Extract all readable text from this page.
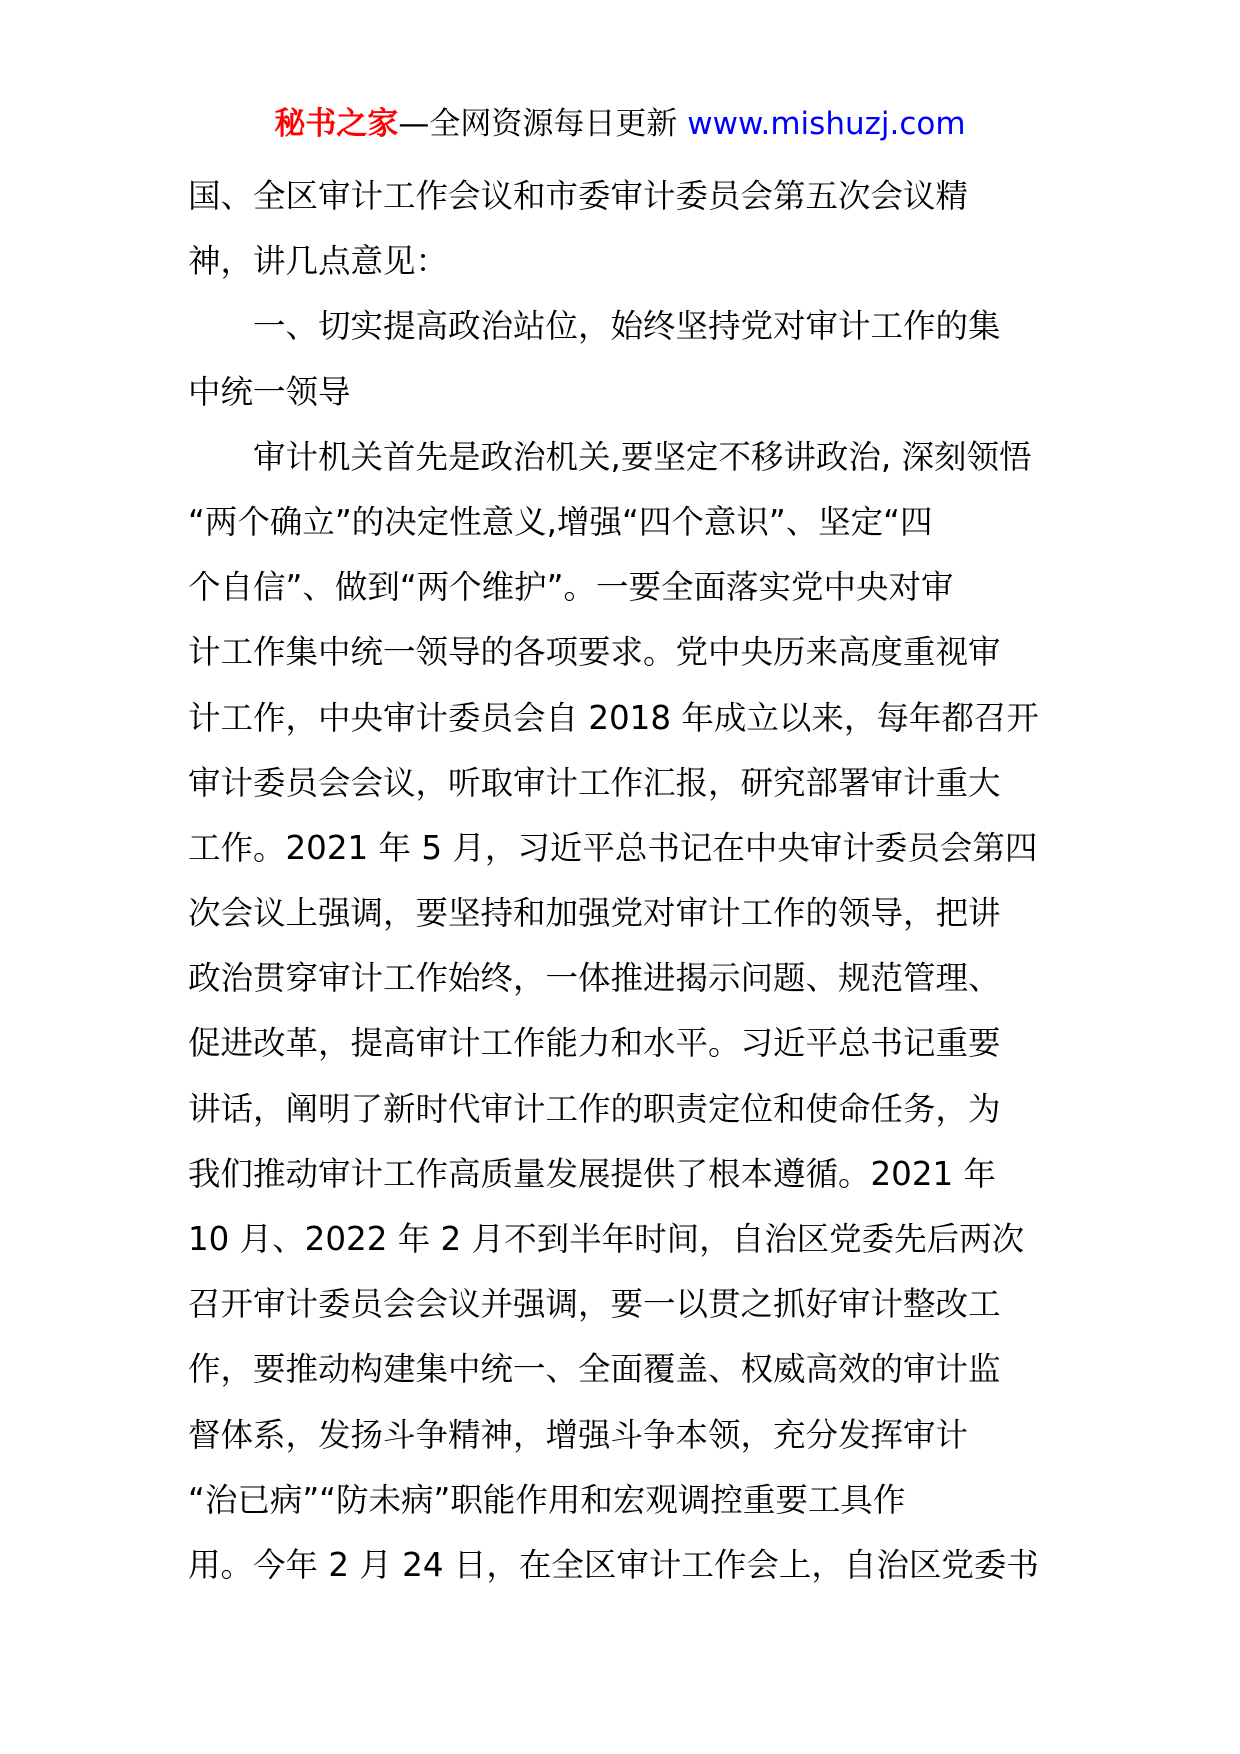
秘书之家—全网资源每日更新 www.mishuzj.com
国、全区审计工作会议和市委审计委员会第五次会议精
神，讲几点意见：
　　一、切实提高政治站位，始终坚持党对审计工作的集
中统一领导
　　审计机关首先是政治机关,要坚定不移讲政治, 深刻领悟
“两个确立”的决定性意义,增强“四个意识”、坚定“四
个自信”、做到“两个维护”。一要全面落实党中央对审
计工作集中统一领导的各项要求。党中央历来高度重视审
计工作，中央审计委员会自 2018 年成立以来，每年都召开
审计委员会会议，听取审计工作汇报，研究部署审计重大
工作。2021 年 5 月，习近平总书记在中央审计委员会第四
次会议上强调，要坚持和加强党对审计工作的领导，把讲
政治贯穿审计工作始终，一体推进揭示问题、规范管理、
促进改革，提高审计工作能力和水平。习近平总书记重要
讲话，阐明了新时代审计工作的职责定位和使命任务，为
我们推动审计工作高质量发展提供了根本遵循。2021 年
10 月、2022 年 2 月不到半年时间，自治区党委先后两次
召开审计委员会会议并强调，要一以贯之抓好审计整改工
作，要推动构建集中统一、全面覆盖、权威高效的审计监
督体系，发扬斗争精神，增强斗争本领，充分发挥审计
“治已病”“防未病”职能作用和宏观调控重要工具作
用。今年 2 月 24 日，在全区审计工作会上，自治区党委书
